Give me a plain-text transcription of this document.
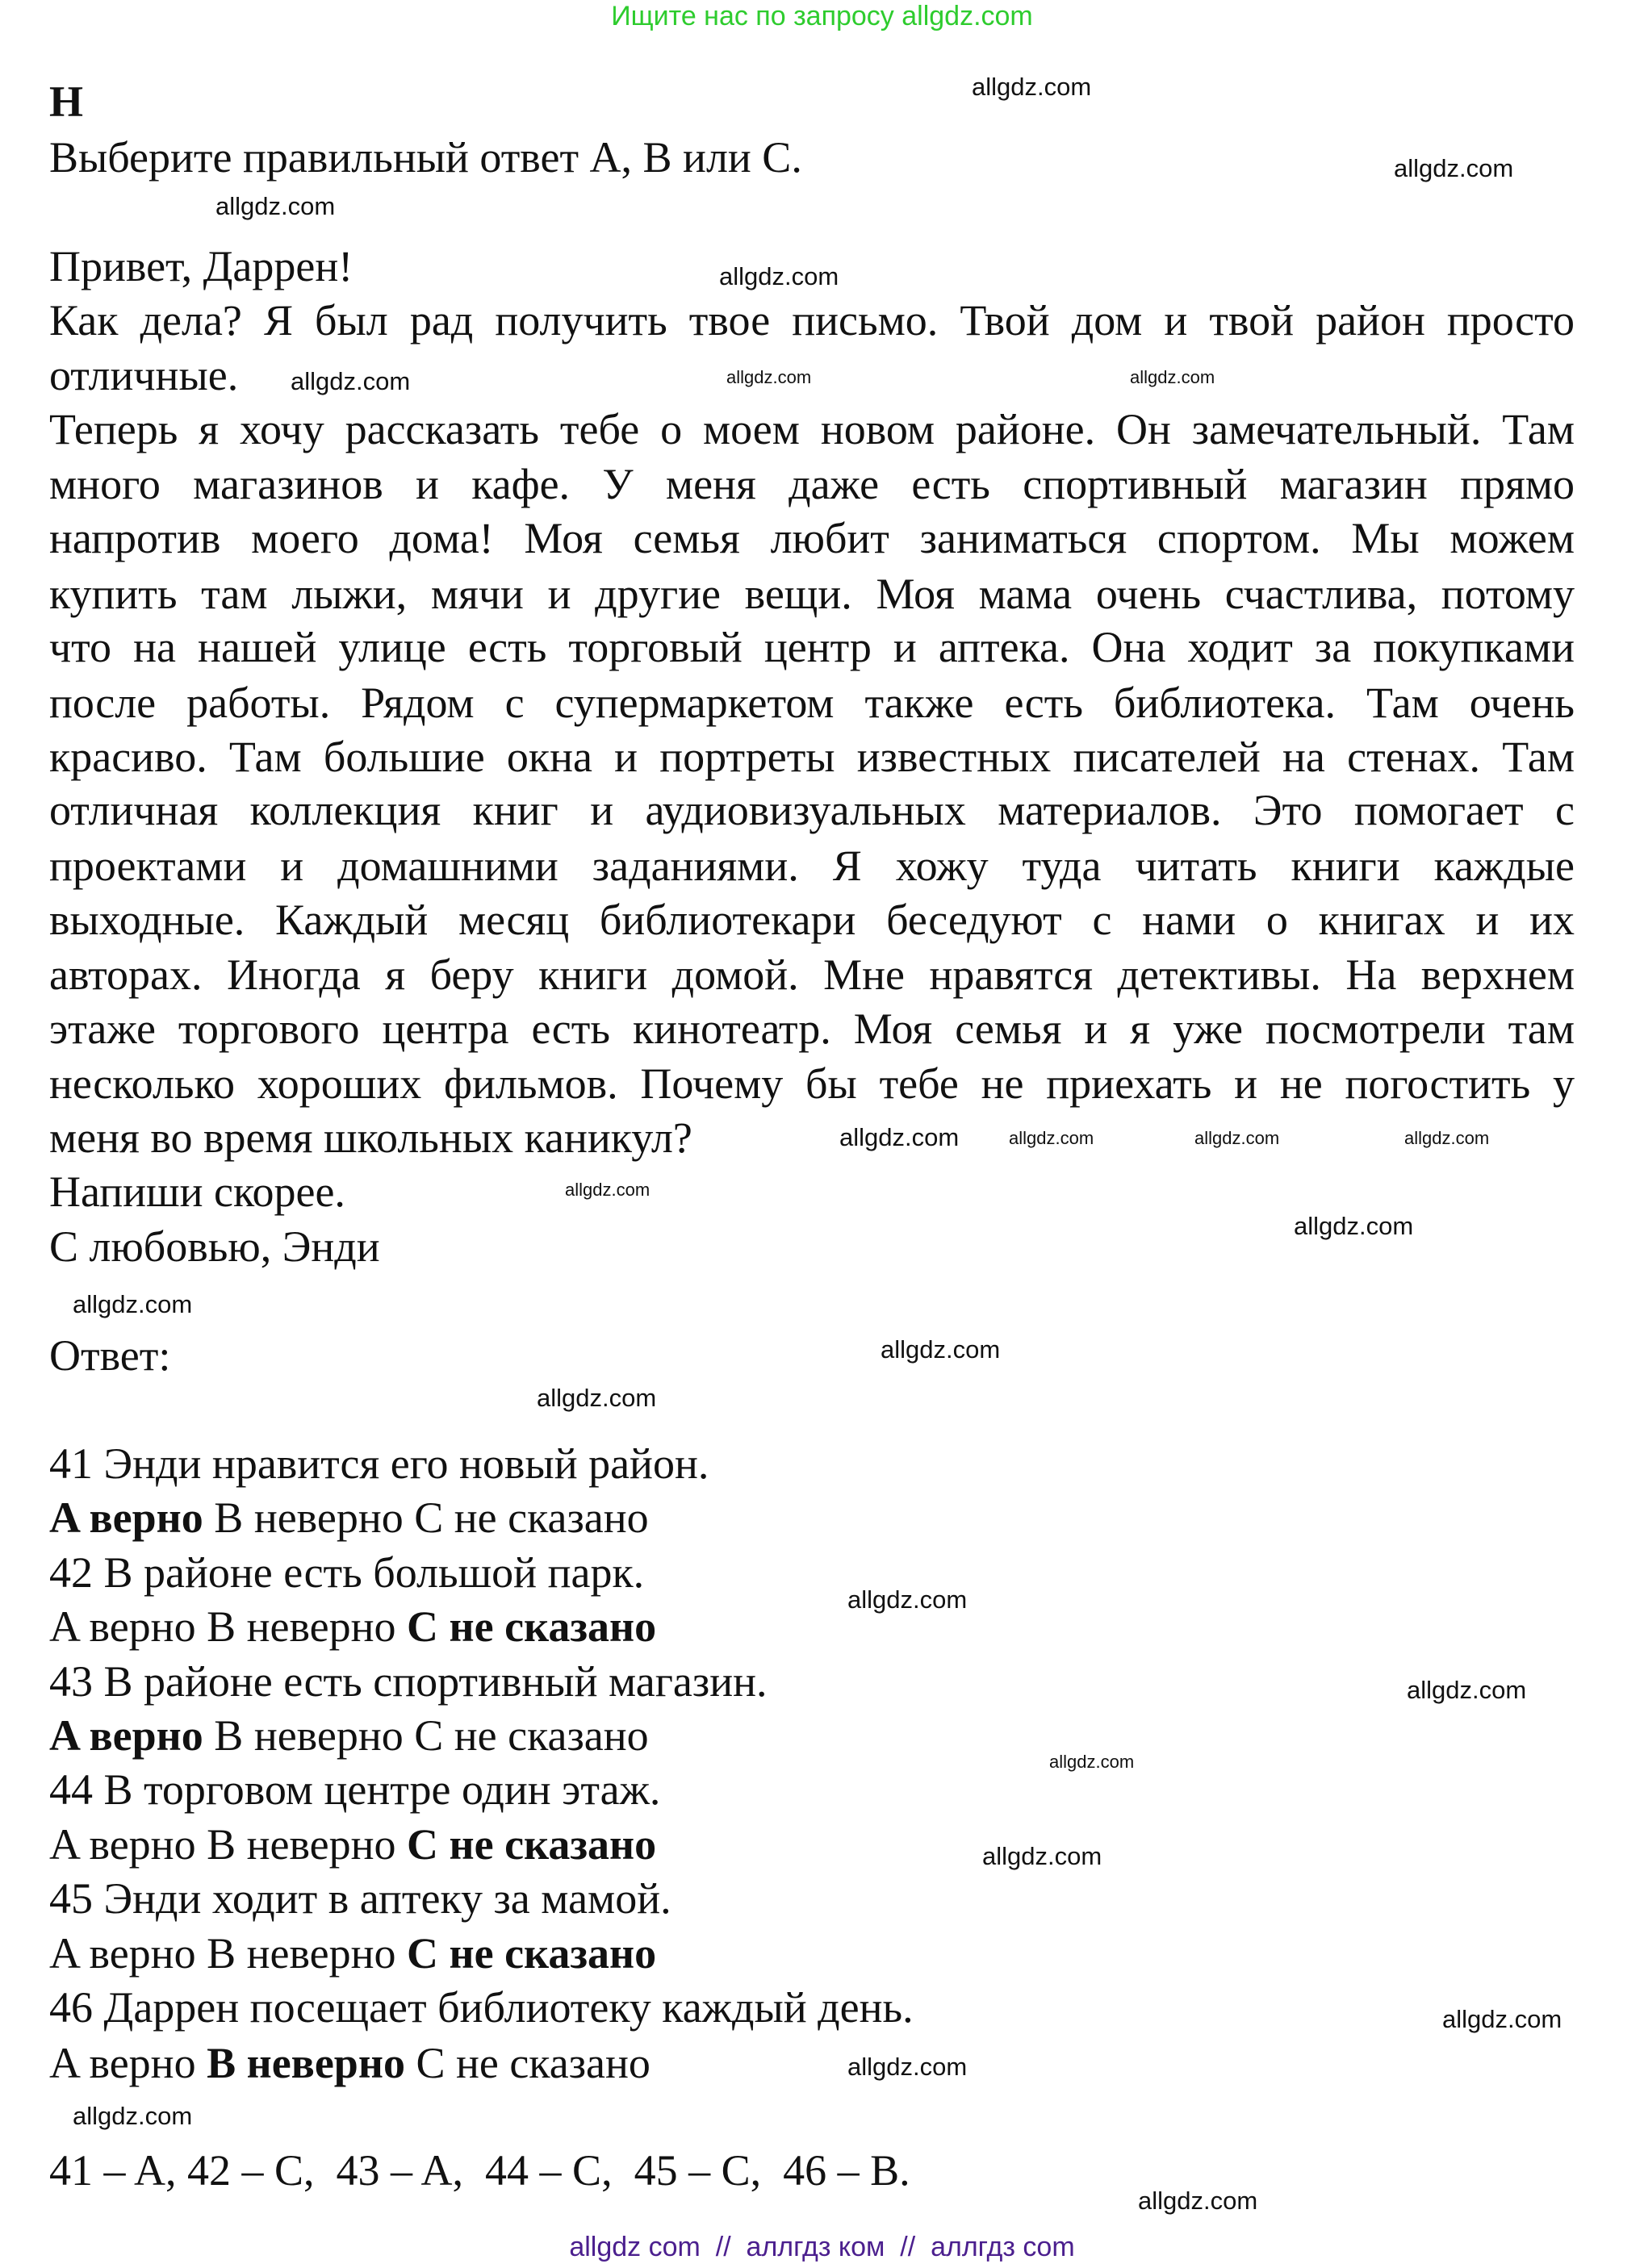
Ищите нас по запросу allgdz.com
H
Выберите правильный ответ A, B или C.
Привет, Даррен!
Как дела? Я был рад получить твое письмо. Твой дом и твой район просто
отличные.
Теперь я хочу рассказать тебе о моем новом районе. Он замечательный. Там
много магазинов и кафе. У меня даже есть спортивный магазин прямо
напротив моего дома! Моя семья любит заниматься спортом. Мы можем
купить там лыжи, мячи и другие вещи. Моя мама очень счастлива, потому
что на нашей улице есть торговый центр и аптека. Она ходит за покупками
после работы. Рядом с супермаркетом также есть библиотека. Там очень
красиво. Там большие окна и портреты известных писателей на стенах. Там
отличная коллекция книг и аудиовизуальных материалов. Это помогает с
проектами и домашними заданиями. Я хожу туда читать книги каждые
выходные. Каждый месяц библиотекари беседуют с нами о книгах и их
авторах. Иногда я беру книги домой. Мне нравятся детективы. На верхнем
этаже торгового центра есть кинотеатр. Моя семья и я уже посмотрели там
несколько хороших фильмов. Почему бы тебе не приехать и не погостить у
меня во время школьных каникул?
Напиши скорее.
С любовью, Энди
Ответ:
41 Энди нравится его новый район.
A верно B неверно C не сказано
42 В районе есть большой парк.
A верно B неверно C не сказано
43 В районе есть спортивный магазин.
A верно B неверно C не сказано
44 В торговом центре один этаж.
A верно B неверно C не сказано
45 Энди ходит в аптеку за мамой.
A верно B неверно C не сказано
46 Даррен посещает библиотеку каждый день.
A верно B неверно C не сказано
41 – A, 42 – C,  43 – A,  44 – C,  45 – C,  46 – B.
allgdz.com
allgdz.com
allgdz.com
allgdz.com
allgdz.com	allgdz.com	allgdz.com
allgdz.com	allgdz.com	allgdz.com
allgdz.com
allgdz.com
allgdz.com
allgdz.com
allgdz.com
allgdz.com
allgdz.com
allgdz.com
allgdz.com
allgdz.com
allgdz.com
allgdz.com
allgdz.com
allgdz.com
allgdz com  //  аллгдз ком  //  аллгдз com
